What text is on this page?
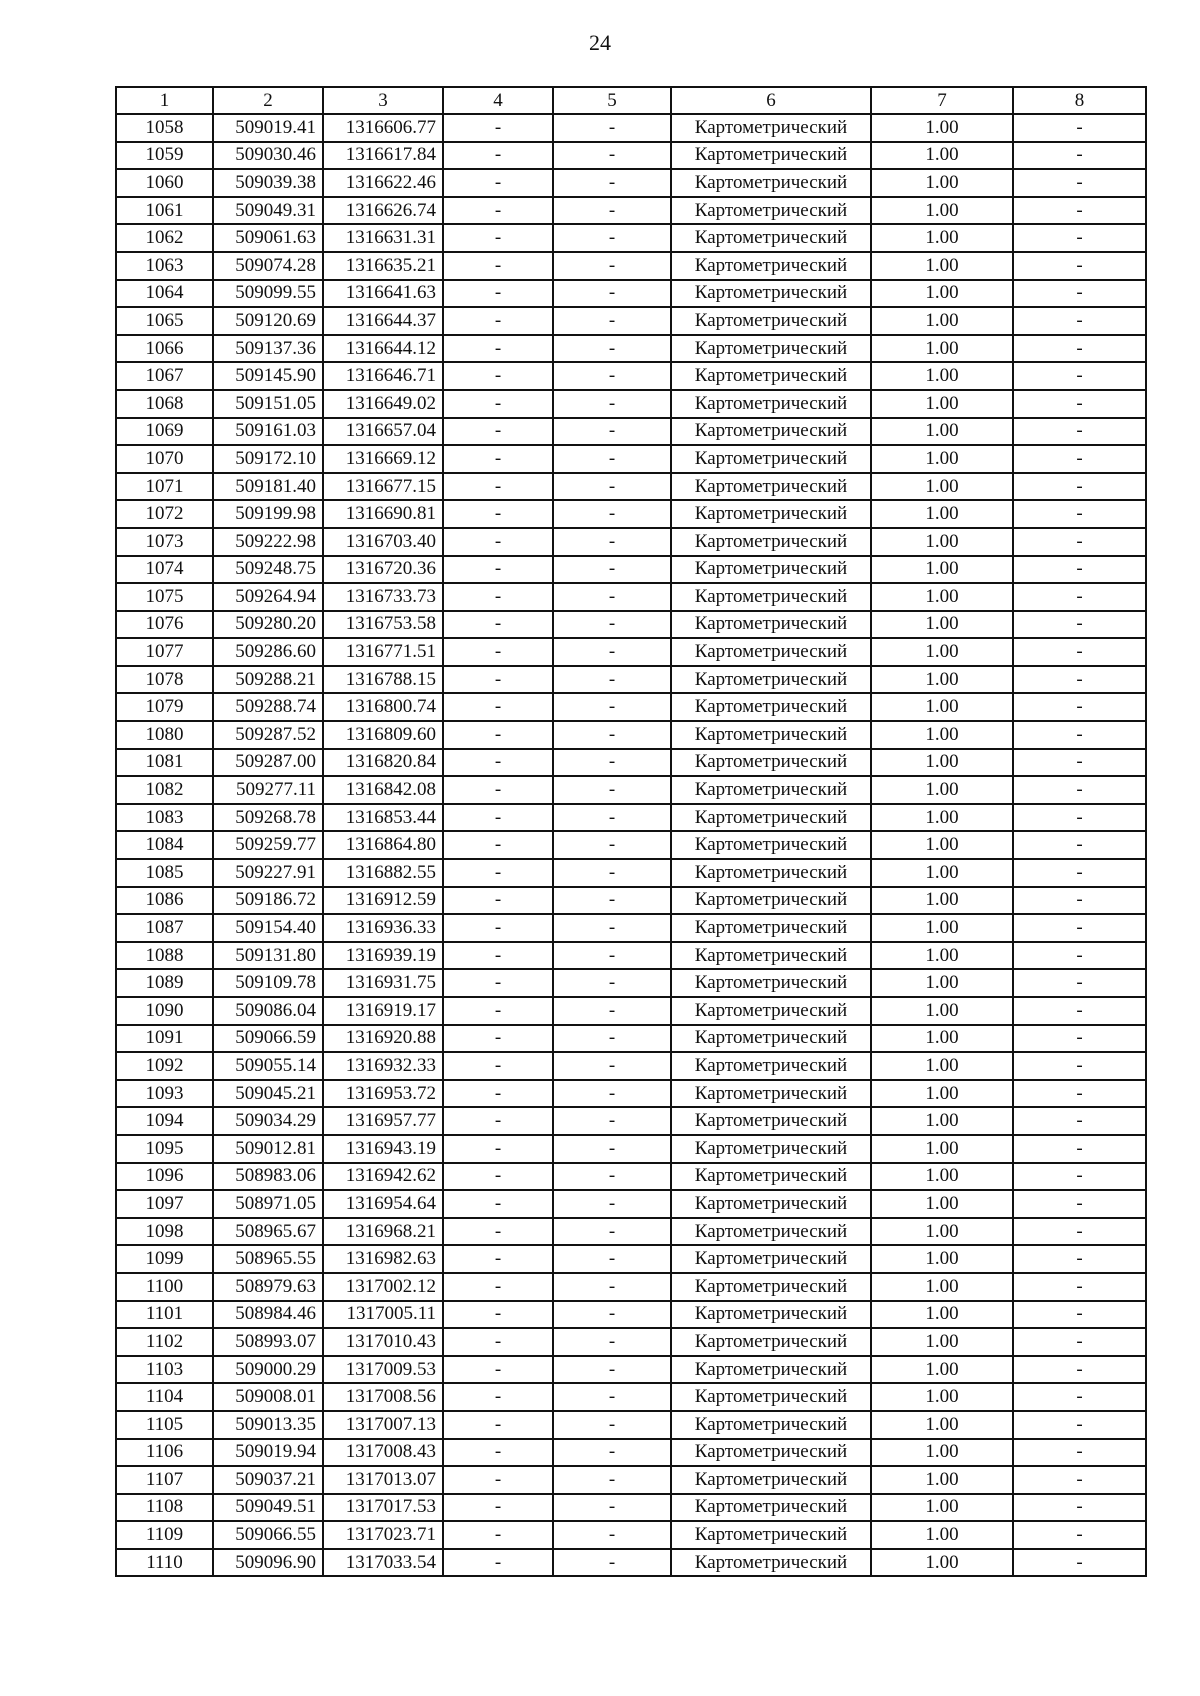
24
1	2	3	4	5	6	7	8
1058	509019.41	1316606.77	-	-	Картометрический	1.00	-
1059	509030.46	1316617.84	-	-	Картометрический	1.00	-
1060	509039.38	1316622.46	-	-	Картометрический	1.00	-
1061	509049.31	1316626.74	-	-	Картометрический	1.00	-
1062	509061.63	1316631.31	-	-	Картометрический	1.00	-
1063	509074.28	1316635.21	-	-	Картометрический	1.00	-
1064	509099.55	1316641.63	-	-	Картометрический	1.00	-
1065	509120.69	1316644.37	-	-	Картометрический	1.00	-
1066	509137.36	1316644.12	-	-	Картометрический	1.00	-
1067	509145.90	1316646.71	-	-	Картометрический	1.00	-
1068	509151.05	1316649.02	-	-	Картометрический	1.00	-
1069	509161.03	1316657.04	-	-	Картометрический	1.00	-
1070	509172.10	1316669.12	-	-	Картометрический	1.00	-
1071	509181.40	1316677.15	-	-	Картометрический	1.00	-
1072	509199.98	1316690.81	-	-	Картометрический	1.00	-
1073	509222.98	1316703.40	-	-	Картометрический	1.00	-
1074	509248.75	1316720.36	-	-	Картометрический	1.00	-
1075	509264.94	1316733.73	-	-	Картометрический	1.00	-
1076	509280.20	1316753.58	-	-	Картометрический	1.00	-
1077	509286.60	1316771.51	-	-	Картометрический	1.00	-
1078	509288.21	1316788.15	-	-	Картометрический	1.00	-
1079	509288.74	1316800.74	-	-	Картометрический	1.00	-
1080	509287.52	1316809.60	-	-	Картометрический	1.00	-
1081	509287.00	1316820.84	-	-	Картометрический	1.00	-
1082	509277.11	1316842.08	-	-	Картометрический	1.00	-
1083	509268.78	1316853.44	-	-	Картометрический	1.00	-
1084	509259.77	1316864.80	-	-	Картометрический	1.00	-
1085	509227.91	1316882.55	-	-	Картометрический	1.00	-
1086	509186.72	1316912.59	-	-	Картометрический	1.00	-
1087	509154.40	1316936.33	-	-	Картометрический	1.00	-
1088	509131.80	1316939.19	-	-	Картометрический	1.00	-
1089	509109.78	1316931.75	-	-	Картометрический	1.00	-
1090	509086.04	1316919.17	-	-	Картометрический	1.00	-
1091	509066.59	1316920.88	-	-	Картометрический	1.00	-
1092	509055.14	1316932.33	-	-	Картометрический	1.00	-
1093	509045.21	1316953.72	-	-	Картометрический	1.00	-
1094	509034.29	1316957.77	-	-	Картометрический	1.00	-
1095	509012.81	1316943.19	-	-	Картометрический	1.00	-
1096	508983.06	1316942.62	-	-	Картометрический	1.00	-
1097	508971.05	1316954.64	-	-	Картометрический	1.00	-
1098	508965.67	1316968.21	-	-	Картометрический	1.00	-
1099	508965.55	1316982.63	-	-	Картометрический	1.00	-
1100	508979.63	1317002.12	-	-	Картометрический	1.00	-
1101	508984.46	1317005.11	-	-	Картометрический	1.00	-
1102	508993.07	1317010.43	-	-	Картометрический	1.00	-
1103	509000.29	1317009.53	-	-	Картометрический	1.00	-
1104	509008.01	1317008.56	-	-	Картометрический	1.00	-
1105	509013.35	1317007.13	-	-	Картометрический	1.00	-
1106	509019.94	1317008.43	-	-	Картометрический	1.00	-
1107	509037.21	1317013.07	-	-	Картометрический	1.00	-
1108	509049.51	1317017.53	-	-	Картометрический	1.00	-
1109	509066.55	1317023.71	-	-	Картометрический	1.00	-
1110	509096.90	1317033.54	-	-	Картометрический	1.00	-
